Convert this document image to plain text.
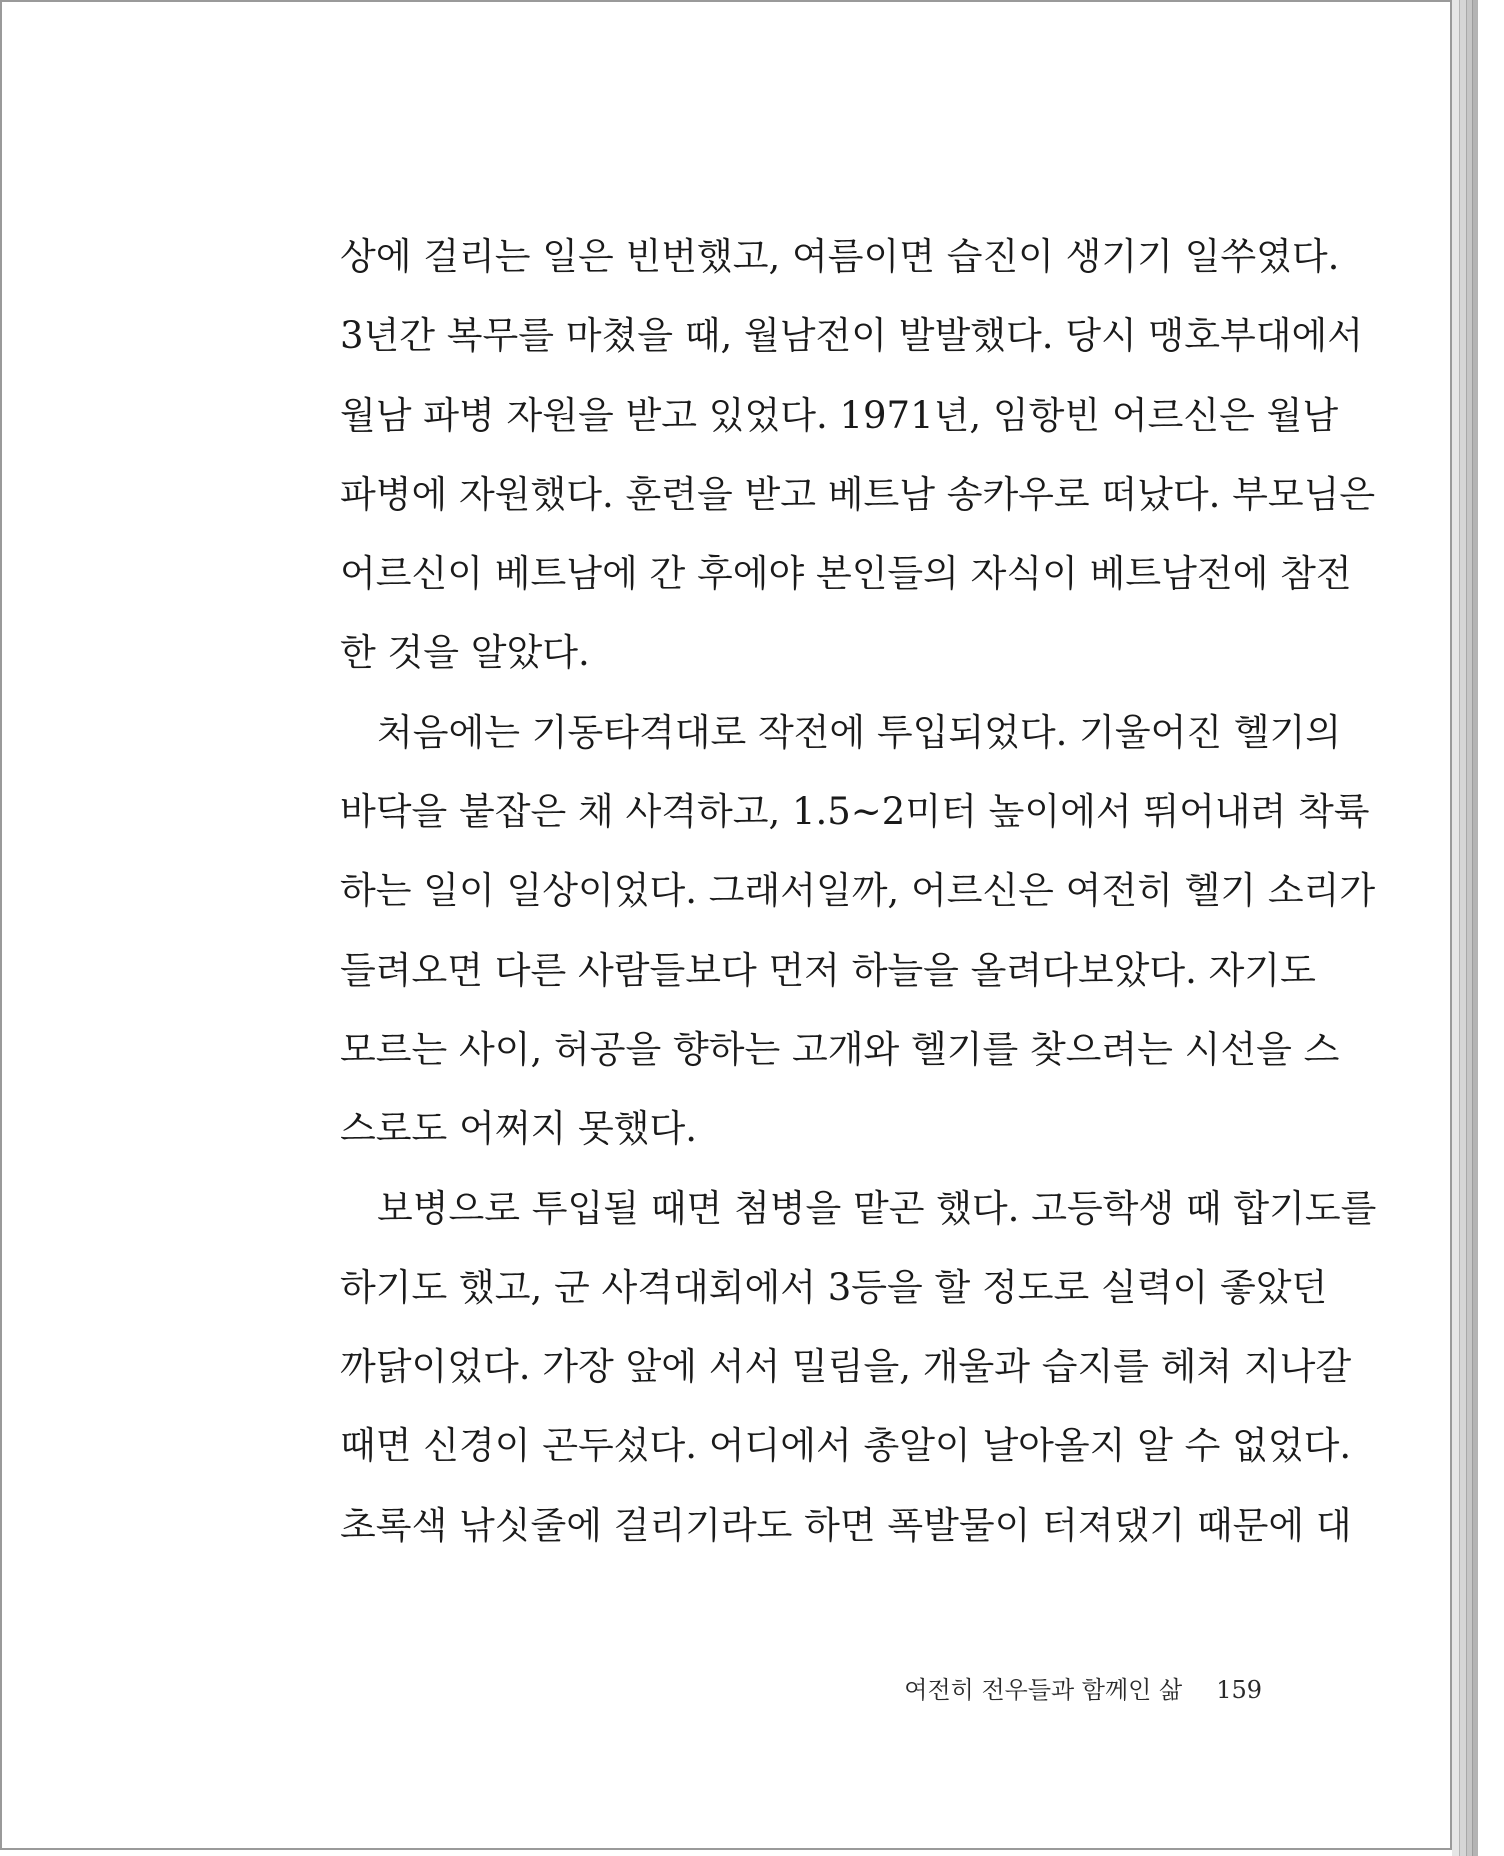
상에 걸리는 일은 빈번했고, 여름이면 습진이 생기기 일쑤였다.
3년간 복무를 마쳤을 때, 월남전이 발발했다. 당시 맹호부대에서
월남 파병 자원을 받고 있었다. 1971년, 임항빈 어르신은 월남
파병에 자원했다. 훈련을 받고 베트남 송카우로 떠났다. 부모님은
어르신이 베트남에 간 후에야 본인들의 자식이 베트남전에 참전
한 것을 알았다.
처음에는 기동타격대로 작전에 투입되었다. 기울어진 헬기의
바닥을 붙잡은 채 사격하고, 1.5~2미터 높이에서 뛰어내려 착륙
하는 일이 일상이었다. 그래서일까, 어르신은 여전히 헬기 소리가
들려오면 다른 사람들보다 먼저 하늘을 올려다보았다. 자기도
모르는 사이, 허공을 향하는 고개와 헬기를 찾으려는 시선을 스
스로도 어쩌지 못했다.
보병으로 투입될 때면 첨병을 맡곤 했다. 고등학생 때 합기도를
하기도 했고, 군 사격대회에서 3등을 할 정도로 실력이 좋았던
까닭이었다. 가장 앞에 서서 밀림을, 개울과 습지를 헤쳐 지나갈
때면 신경이 곤두섰다. 어디에서 총알이 날아올지 알 수 없었다.
초록색 낚싯줄에 걸리기라도 하면 폭발물이 터져댔기 때문에 대
여전히 전우들과 함께인 삶 159
